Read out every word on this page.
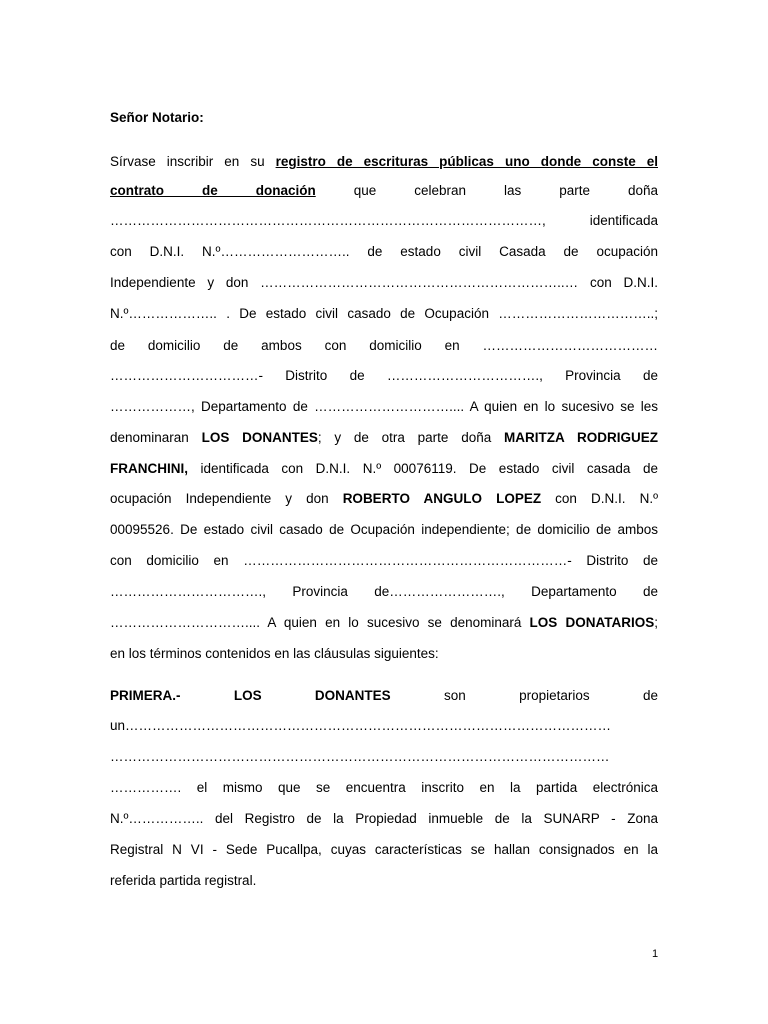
Señor Notario:

Sírvase inscribir en su registro de escrituras públicas uno donde conste el

contrato de donación que celebran las parte doña

……………………………………………………………………………………, identificada

con D.N.I. N.º……………………….. de estado civil Casada de ocupación

Independiente y don …………………………………………………………..… con D.N.I.

N.º……………….. . De estado civil casado de Ocupación ……………………………..;

de domicilio de ambos con domicilio en …………………………………

……………………………- Distrito de ……………………………., Provincia de

………………, Departamento de ………………………….... A quien en lo sucesivo se les

denominaran LOS DONANTES; y de otra parte doña MARITZA RODRIGUEZ

FRANCHINI, identificada con D.N.I. N.º 00076119. De estado civil casada de

ocupación Independiente y don ROBERTO ANGULO LOPEZ con D.N.I. N.º

00095526. De estado civil casado de Ocupación independiente; de domicilio de ambos

con domicilio en ………………………………………………………………- Distrito de

……………………………., Provincia de……………………., Departamento de

………………………….... A quien en lo sucesivo se denominará LOS DONATARIOS;

en los términos contenidos en las cláusulas siguientes:

PRIMERA.- LOS DONANTES son propietarios de

un………………………………………………………………………………………………

…………………………………………………………………………………………………

……………. el mismo que se encuentra inscrito en la partida electrónica

N.º…………….. del Registro de la Propiedad inmueble de la SUNARP - Zona

Registral N VI - Sede Pucallpa, cuyas características se hallan consignados en la

referida partida registral.

1
